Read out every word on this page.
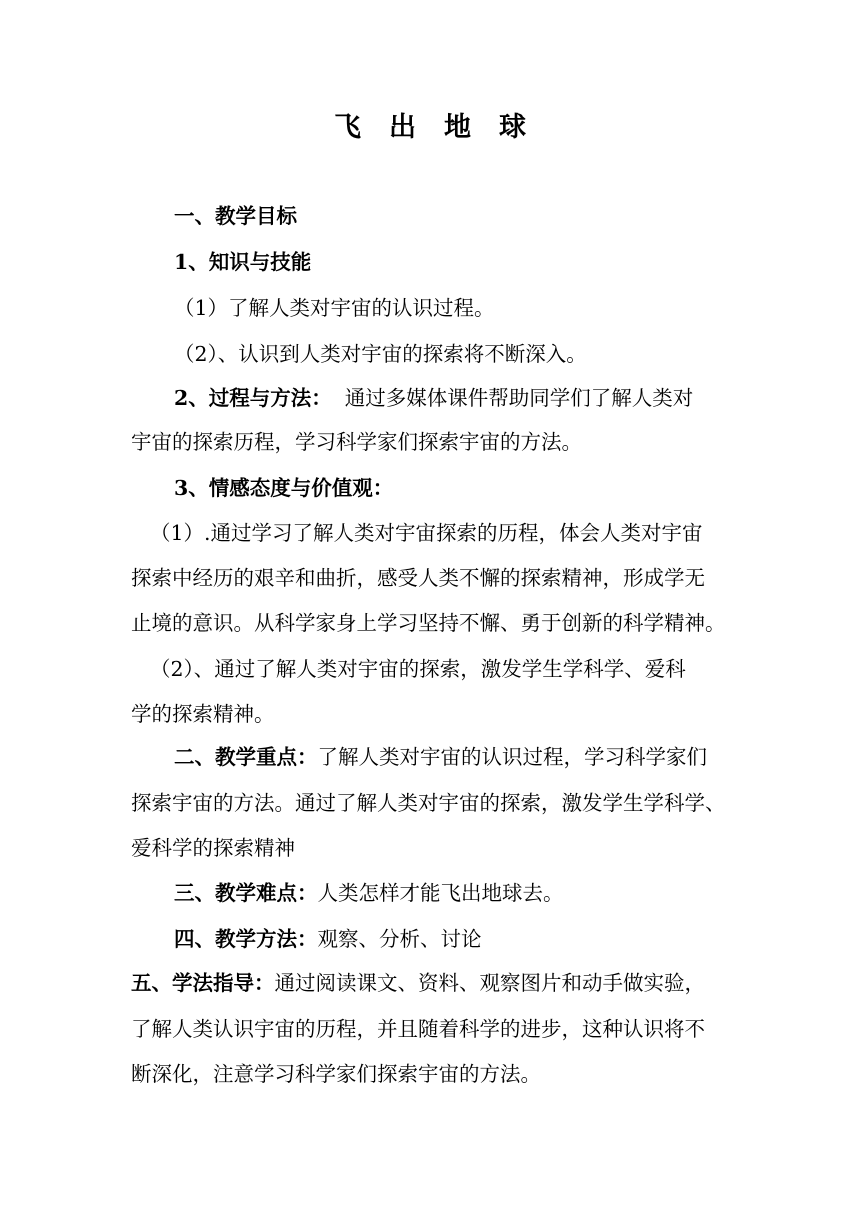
飞出地球
一、教学目标
1、知识与技能
（1）了解人类对宇宙的认识过程。
（2）、认识到人类对宇宙的探索将不断深入。
2、过程与方法：  通过多媒体课件帮助同学们了解人类对
宇宙的探索历程，学习科学家们探索宇宙的方法。
3、情感态度与价值观：
（1）.通过学习了解人类对宇宙探索的历程，体会人类对宇宙
探索中经历的艰辛和曲折，感受人类不懈的探索精神，形成学无
止境的意识。从科学家身上学习坚持不懈、勇于创新的科学精神。
（2）、通过了解人类对宇宙的探索，激发学生学科学、爱科
学的探索精神。
二、教学重点：了解人类对宇宙的认识过程，学习科学家们
探索宇宙的方法。通过了解人类对宇宙的探索，激发学生学科学、
爱科学的探索精神
三、教学难点：人类怎样才能飞出地球去。
四、教学方法：观察、分析、讨论
五、学法指导：通过阅读课文、资料、观察图片和动手做实验，
了解人类认识宇宙的历程，并且随着科学的进步，这种认识将不
断深化，注意学习科学家们探索宇宙的方法。
